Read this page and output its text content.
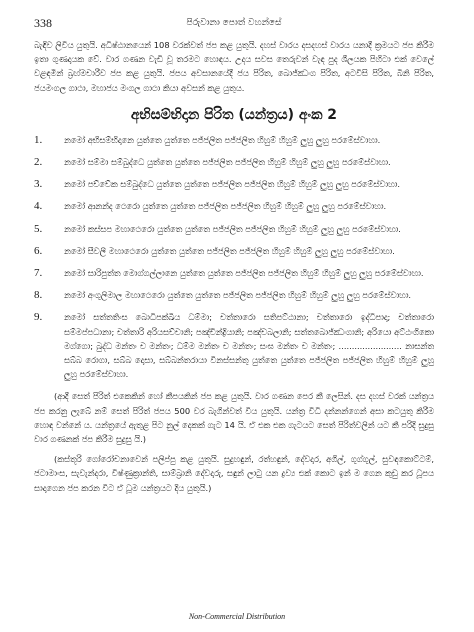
338	පිරුවානා පොත් වහන්සේ

බැඳිව ලිවිය යුතුයි. අධිෂ්ඨානයෙන් 108 වරක්වත් ජප කළ යුතුයි. දහස් වාරය දසදහස් වාරය යනාදී ක්‍රමයට ජප කිරීම ඉතා ගුණදායක වේ. වාර ගණන වැඩි වූ තරමට හොඳය. උදය සවස තෙරුවන් වැඳ පුද ශීලයක පිහිටා එක් වෙලේ වළඳමින් බ්‍රහ්මචාරීව ජප කළ යුතුයි. ජපය අවසානයේදී ජය පිරිත, බොජ්ඣංග පිරිත, අටවිසි පිරිත, බිනි පිරිත, ජයමංගල ගාථා, මහාජය මංගල ගාථා කියා අවසන් කළ යුතුය.

අභිසම්භිදාන පිරිත (යන්ත්‍රය) අංක 2
1.	නමෝ අභිසම්භිදානෙ යුත්තෙ යුත්තෙ පජ්ජලිත පජ්ජලිත හිහුම් හිහුම් ලුහු ලුහු පරමේස්වාහා.
2.	නමෝ සම්මා සම්බුද්ධෙ යුත්තෙ යුත්තෙ පජ්ජලිත පජ්ජලිත හිහුම් හිහුම් ලුහු ලුහු පරමේස්වාහා.
3.	නමෝ පච්චේක සම්බුද්ධෙ යුත්තෙ යුත්තෙ පජ්ජලිත පජ්ජලිත හිහුම් හිහුම් ලුහු ලුහු පරමේස්වාහා.
4.	නමෝ ආනන්ද ථෙරො යුත්තෙ යුත්තෙ පජ්ජලිත පජ්ජලිත හිහුම් හිහුම් ලුහු ලුහු පරමේස්වාහා.
5.	නමෝ කස්සප මහාථෙරො යුත්තෙ යුත්තෙ පජ්ජලිත පජ්ජලිත හිහුම් හිහුම් ලුහු ලුහු පරමේස්වාහා.
6.	නමෝ සීවලී මහාථෙරො යුත්තෙ යුත්තෙ පජ්ජලිත පජ්ජලිත හිහුම් හිහුම් ලුහු ලුහු පරමේස්වාහා.
7.	නමෝ සාරිපුත්ත මොග්ගල්ලානෙ යුත්තෙ යුත්තෙ පජ්ජලිත පජ්ජලිත හිහුම් හිහුම් ලුහු ලුහු පරමේස්වාහා.
8.	නමෝ අංගුලිමාල මහාථෙරො යුත්තෙ යුත්තෙ පජ්ජලිත පජ්ජලිත හිහුම් හිහුම් ලුහු ලුහු පරමේස්වාහා.
9.	නමෝ සත්තතිංස බොධිපක්ඛිය ධම්මා; චත්තාරො සතිපට්ඨානා; චත්තාරො ඉද්ධිපාදා; චත්තාරො සම්මප්පධානා; චත්තාරි අරියසච්චානි; පඤ්චින්ද්‍රියානි; පඤ්චබලානි; සත්තබොජ්ඣංගානි; අරියො අට්ඨංගිකො මග්ගො; බුද්ධ මන්තං ච මන්තං; ධම්ම මන්තං ච මන්තං; සංඝ මන්තං ච මන්තං; ........................ නාසන්ත සබ්බ රොගා, සබ්බ දොසා, සබ්බන්තරායා විනස්සන්තු යුත්තෙ යුත්තෙ පජ්ජලිත පජ්ජලිත හිහුම් හිහුම් ලුහු ලුහු පරමේස්වාහා.

(ආදී සෙත් පිරිත් එකෙකින් හෝ කීපයකින් ජප කළ යුතුයි. වාර ගණන පෙර කී ලෙසින්. දස දහස් වරක් යන්ත්‍රය ජප කරනු ලැබේ නම් සෙත් පිරිත් ජපය 500 වර බැගින්වත් විය යුතුයි. යන්ත්‍ර විධි දන්නන්ගෙන් අසා කටයුතු කිරීම හොඳ වන්නේ ය. යන්ත්‍රයේ ඇතුළ පිට නුල් දෙකක් ගැට 14 යි. ඒ එක එක ගැටයට සෙත් පිරිත්වලින් යට කී පරිදි සුදුසු වාර ගණනක් ජප කිරීම සුදුසු යි.)

(කස්තූරි ගෝරෝචනාවෙන් පලිප්පු කළ යුතුයි. සුදුහඳුන්, රත්හඳුන්, දේවදාර, අගිල්, ගුග්ගුල්, සුවඳකොට්ටම්, ජටාමාංස, සැවැන්දරා, විෂ්ණුක්‍රාන්ති, සාම්බ්‍රානි දේවදාරු, සඳුන් ලාටු යන ද්‍රව්‍ය එක් කොට ඉන් ම ගෙන කුඩු කර ධූපය සාදාගෙන ජප කරන විට ඒ ධූම යන්ත්‍රයට දිය යුතුයි.)

Non-Commercial Distribution
